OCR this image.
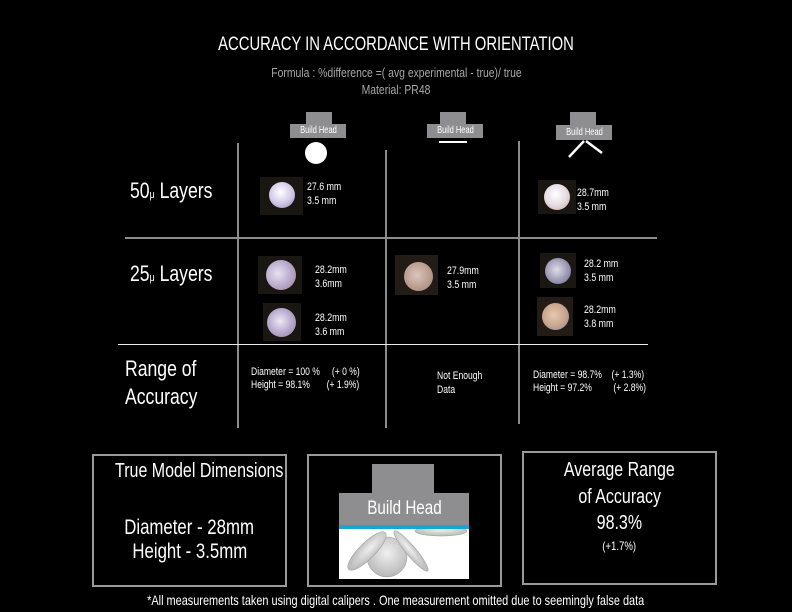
ACCURACY IN ACCORDANCE WITH ORIENTATION
Formula : %difference =( avg experimental - true)/ true
Material: PR48
Build Head	Build Head	Build Head
50μ Layers
25μ Layers
Range of
Accuracy
27.6 mm
3.5 mm
28.7mm
3.5 mm
28.2mm
3.6mm
28.2mm
3.6 mm
27.9mm
3.5 mm
28.2 mm
3.5 mm
28.2mm
3.8 mm
Diameter = 100 % (+ 0 %)
Height = 98.1% (+ 1.9%)
Not Enough
Data
Diameter = 98.7% (+ 1.3%)
Height = 97.2% (+ 2.8%)
True Model Dimensions
Diameter - 28mm
Height - 3.5mm
Build Head
Average Range
of Accuracy
98.3%
(+1.7%)
*All measurements taken using digital calipers . One measurement omitted due to seemingly false data
